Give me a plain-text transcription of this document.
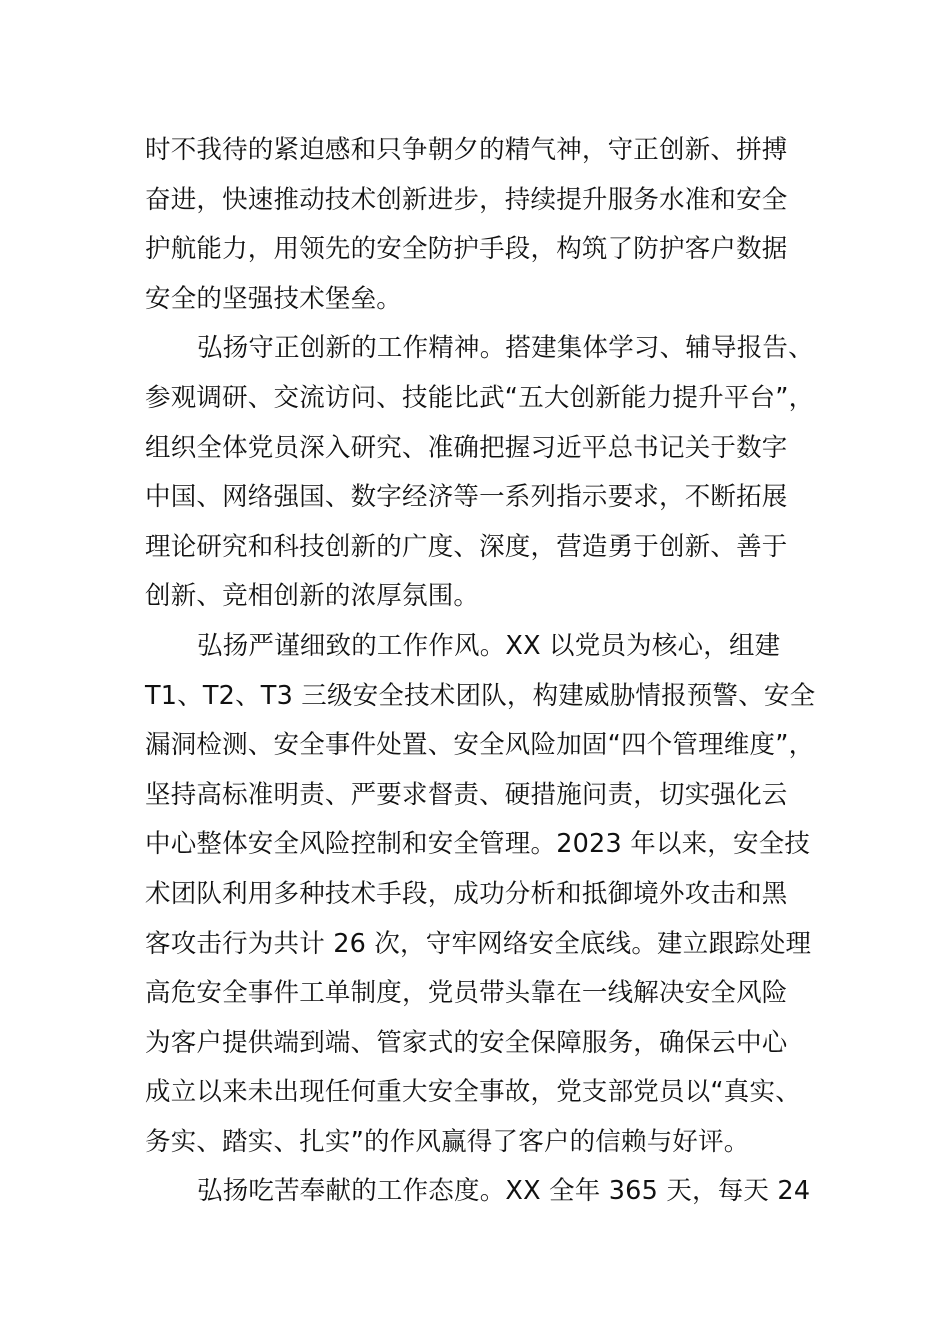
时不我待的紧迫感和只争朝夕的精气神，守正创新、拼搏
奋进，快速推动技术创新进步，持续提升服务水准和安全
护航能力，用领先的安全防护手段，构筑了防护客户数据
安全的坚强技术堡垒。
弘扬守正创新的工作精神。搭建集体学习、辅导报告、
参观调研、交流访问、技能比武“五大创新能力提升平台”，
组织全体党员深入研究、准确把握习近平总书记关于数字
中国、网络强国、数字经济等一系列指示要求，不断拓展
理论研究和科技创新的广度、深度，营造勇于创新、善于
创新、竞相创新的浓厚氛围。
弘扬严谨细致的工作作风。XX 以党员为核心，组建
T1、T2、T3 三级安全技术团队，构建威胁情报预警、安全
漏洞检测、安全事件处置、安全风险加固“四个管理维度”，
坚持高标准明责、严要求督责、硬措施问责，切实强化云
中心整体安全风险控制和安全管理。2023 年以来，安全技
术团队利用多种技术手段，成功分析和抵御境外攻击和黑
客攻击行为共计 26 次，守牢网络安全底线。建立跟踪处理
高危安全事件工单制度，党员带头靠在一线解决安全风险
为客户提供端到端、管家式的安全保障服务，确保云中心
成立以来未出现任何重大安全事故，党支部党员以“真实、
务实、踏实、扎实”的作风赢得了客户的信赖与好评。
弘扬吃苦奉献的工作态度。XX 全年 365 天，每天 24
